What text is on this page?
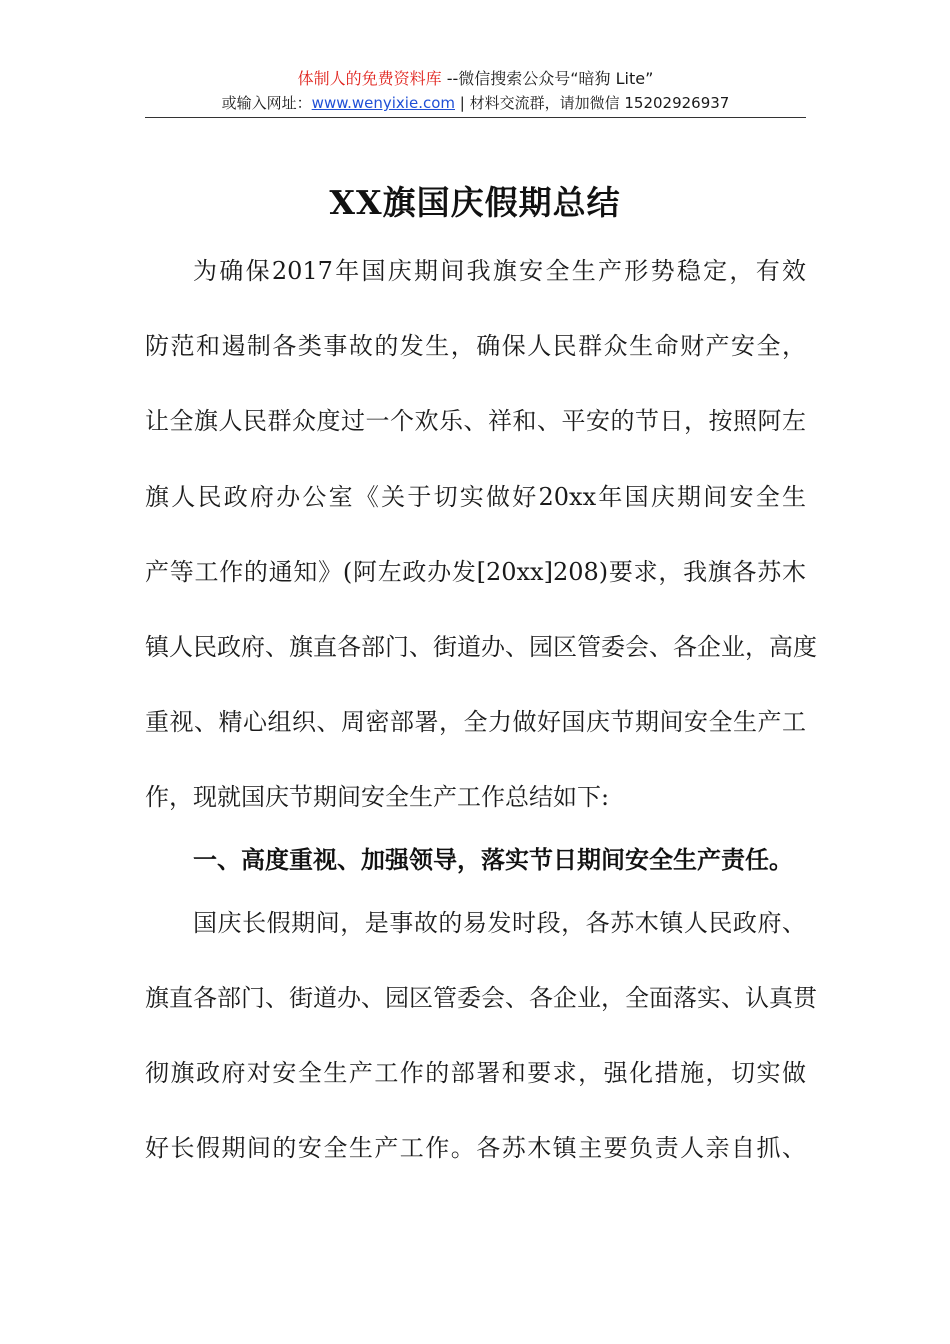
体制人的免费资料库 --微信搜索公众号“暗狗 Lite”
或输入网址：www.wenyixie.com | 材料交流群，请加微信 15202926937
XX旗国庆假期总结
为确保2017年国庆期间我旗安全生产形势稳定，有效
防范和遏制各类事故的发生，确保人民群众生命财产安全，
让全旗人民群众度过一个欢乐、祥和、平安的节日，按照阿左
旗人民政府办公室《关于切实做好20xx年国庆期间安全生
产等工作的通知》(阿左政办发[20xx]208)要求，我旗各苏木
镇人民政府、旗直各部门、街道办、园区管委会、各企业，高度
重视、精心组织、周密部署，全力做好国庆节期间安全生产工
作，现就国庆节期间安全生产工作总结如下:
一、高度重视、加强领导，落实节日期间安全生产责任。
国庆长假期间，是事故的易发时段，各苏木镇人民政府、
旗直各部门、街道办、园区管委会、各企业，全面落实、认真贯
彻旗政府对安全生产工作的部署和要求，强化措施，切实做
好长假期间的安全生产工作。各苏木镇主要负责人亲自抓、
